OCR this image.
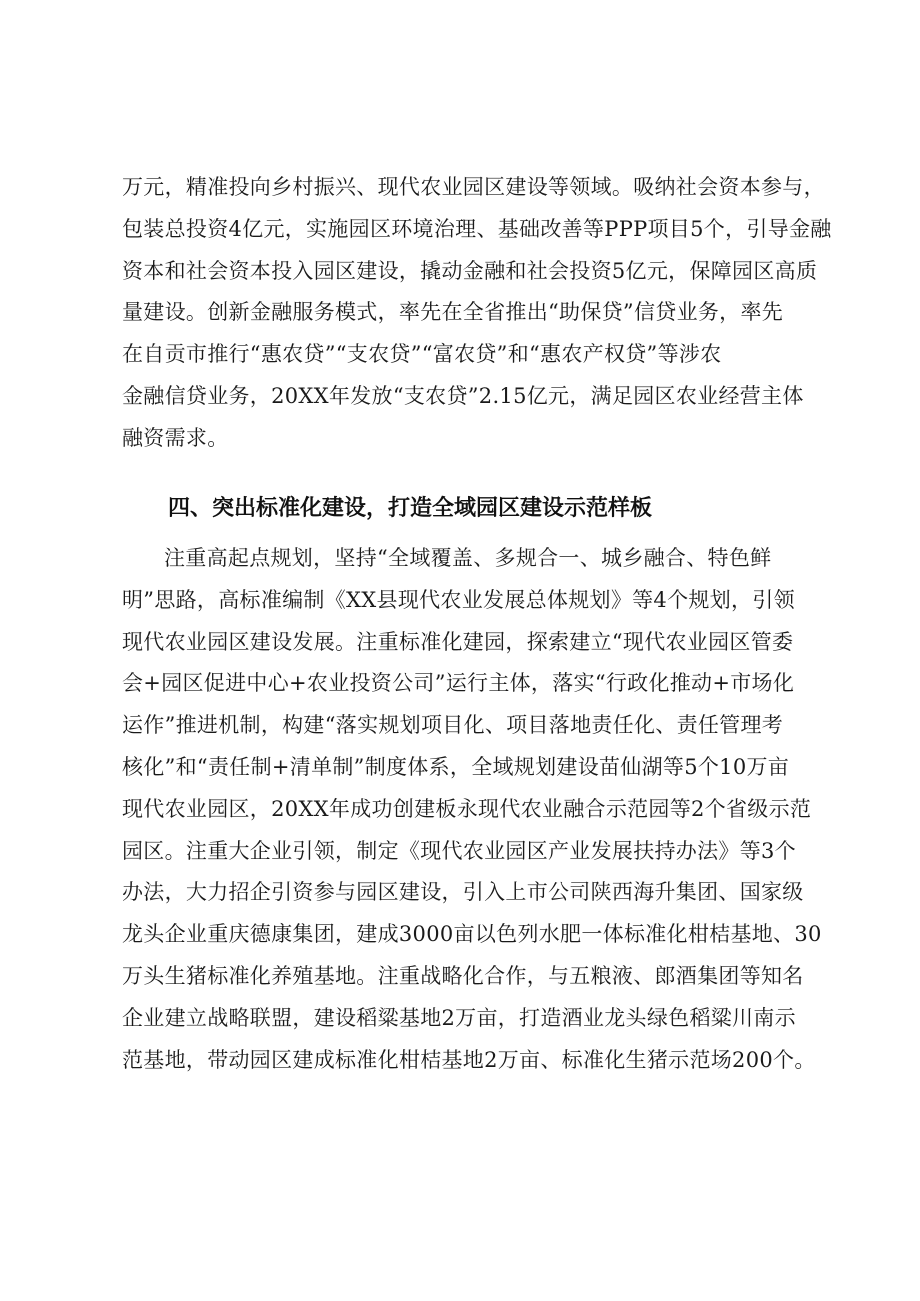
万元，精准投向乡村振兴、现代农业园区建设等领域。吸纳社会资本参与，
包装总投资4亿元，实施园区环境治理、基础改善等PPP项目5个，引导金融
资本和社会资本投入园区建设，撬动金融和社会投资5亿元，保障园区高质
量建设。创新金融服务模式，率先在全省推出“助保贷”信贷业务，率先
在自贡市推行“惠农贷”“支农贷”“富农贷”和“惠农产权贷”等涉农
金融信贷业务，20XX年发放“支农贷”2.15亿元，满足园区农业经营主体
融资需求。
四、突出标准化建设，打造全域园区建设示范样板
注重高起点规划，坚持“全域覆盖、多规合一、城乡融合、特色鲜
明”思路，高标准编制《XX县现代农业发展总体规划》等4个规划，引领
现代农业园区建设发展。注重标准化建园，探索建立“现代农业园区管委
会+园区促进中心+农业投资公司”运行主体，落实“行政化推动+市场化
运作”推进机制，构建“落实规划项目化、项目落地责任化、责任管理考
核化”和“责任制+清单制”制度体系，全域规划建设苗仙湖等5个10万亩
现代农业园区，20XX年成功创建板永现代农业融合示范园等2个省级示范
园区。注重大企业引领，制定《现代农业园区产业发展扶持办法》等3个
办法，大力招企引资参与园区建设，引入上市公司陕西海升集团、国家级
龙头企业重庆德康集团，建成3000亩以色列水肥一体标准化柑桔基地、30
万头生猪标准化养殖基地。注重战略化合作，与五粮液、郎酒集团等知名
企业建立战略联盟，建设稻粱基地2万亩，打造酒业龙头绿色稻粱川南示
范基地，带动园区建成标准化柑桔基地2万亩、标准化生猪示范场200个。
